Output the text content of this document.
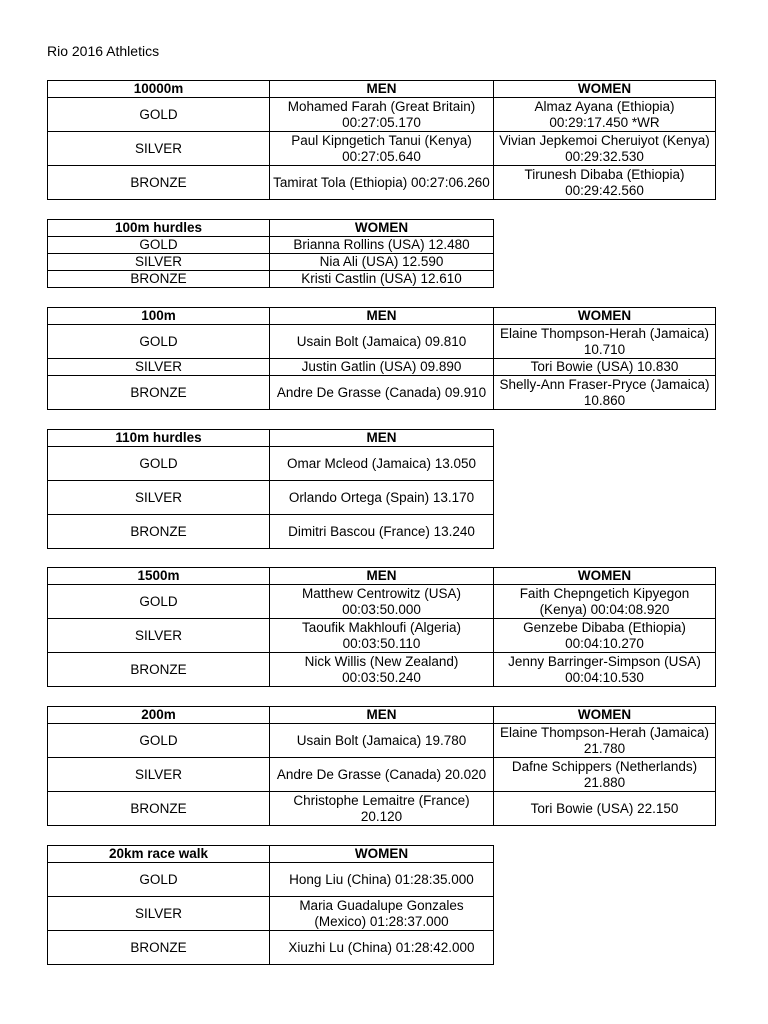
Rio 2016 Athletics
10000m	MEN	WOMEN
GOLD	Mohamed Farah (Great Britain) 00:27:05.170	Almaz Ayana (Ethiopia) 00:29:17.450 *WR
SILVER	Paul Kipngetich Tanui (Kenya) 00:27:05.640	Vivian Jepkemoi Cheruiyot (Kenya) 00:29:32.530
BRONZE	Tamirat Tola (Ethiopia) 00:27:06.260	Tirunesh Dibaba (Ethiopia) 00:29:42.560
100m hurdles	WOMEN
GOLD	Brianna Rollins (USA) 12.480
SILVER	Nia Ali (USA) 12.590
BRONZE	Kristi Castlin (USA) 12.610
100m	MEN	WOMEN
GOLD	Usain Bolt (Jamaica) 09.810	Elaine Thompson-Herah (Jamaica) 10.710
SILVER	Justin Gatlin (USA) 09.890	Tori Bowie (USA) 10.830
BRONZE	Andre De Grasse (Canada) 09.910	Shelly-Ann Fraser-Pryce (Jamaica) 10.860
110m hurdles	MEN
GOLD	Omar Mcleod (Jamaica) 13.050
SILVER	Orlando Ortega (Spain) 13.170
BRONZE	Dimitri Bascou (France) 13.240
1500m	MEN	WOMEN
GOLD	Matthew Centrowitz (USA) 00:03:50.000	Faith Chepngetich Kipyegon (Kenya) 00:04:08.920
SILVER	Taoufik Makhloufi (Algeria) 00:03:50.110	Genzebe Dibaba (Ethiopia) 00:04:10.270
BRONZE	Nick Willis (New Zealand) 00:03:50.240	Jenny Barringer-Simpson (USA) 00:04:10.530
200m	MEN	WOMEN
GOLD	Usain Bolt (Jamaica) 19.780	Elaine Thompson-Herah (Jamaica) 21.780
SILVER	Andre De Grasse (Canada) 20.020	Dafne Schippers (Netherlands) 21.880
BRONZE	Christophe Lemaitre (France) 20.120	Tori Bowie (USA) 22.150
20km race walk	WOMEN
GOLD	Hong Liu (China) 01:28:35.000
SILVER	Maria Guadalupe Gonzales (Mexico) 01:28:37.000
BRONZE	Xiuzhi Lu (China) 01:28:42.000
